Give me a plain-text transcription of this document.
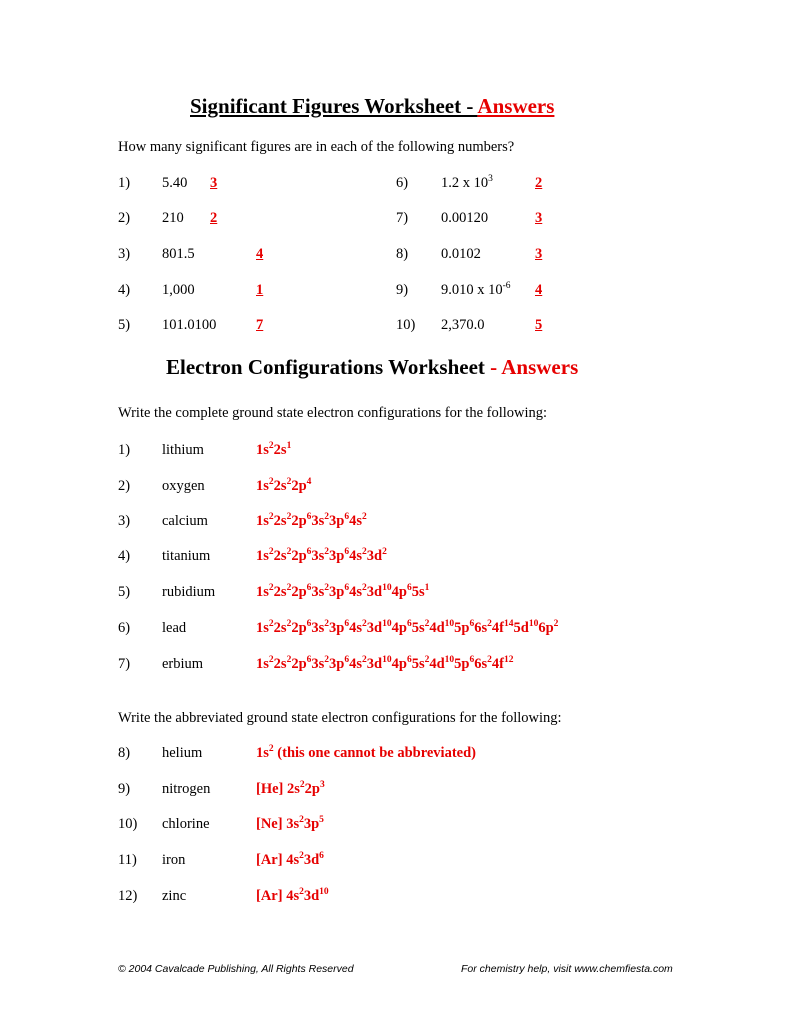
Significant Figures Worksheet - Answers
How many significant figures are in each of the following numbers?
1) 5.40 3
2) 210 2
3) 801.5	4
4) 1,000	1
5) 101.0100	7
6) 1.2 x $10^3$	2
7) 0.00120	3
8) 0.0102	3
9) 9.010 x $10^{-6}$ 4
10) 2,370.0	5
Electron Configurations Worksheet - Answers
Write the complete ground state electron configurations for the following:
1) lithium	$1s^22s^1$
2) oxygen	$1s^22s^22p^4$
3) calcium	$1s^22s^22p^63s^23p^64s^2$
4) titanium	$1s^22s^22p^63s^23p^64s^23d^2$
5) rubidium	$1s^22s^22p^63s^23p^64s^23d^{10}4p^65s^1$
6) lead	$1s^22s^22p^63s^23p^64s^23d^{10}4p^65s^24d^{10}5p^66s^24f^{14}5d^{10}6p^2$
7) erbium	$1s^22s^22p^63s^23p^64s^23d^{10}4p^65s^24d^{10}5p^66s^24f^{12}$
Write the abbreviated ground state electron configurations for the following:
8) helium	$1s^2$ (this one cannot be abbreviated)
9) nitrogen	[He] $2s^22p^3$
10) chlorine	[Ne] $3s^23p^5$
11) iron	[Ar] $4s^23d^6$
12) zinc	[Ar] $4s^23d^{10}$
© 2004 Cavalcade Publishing, All Rights Reserved	For chemistry help, visit www.chemfiesta.com
